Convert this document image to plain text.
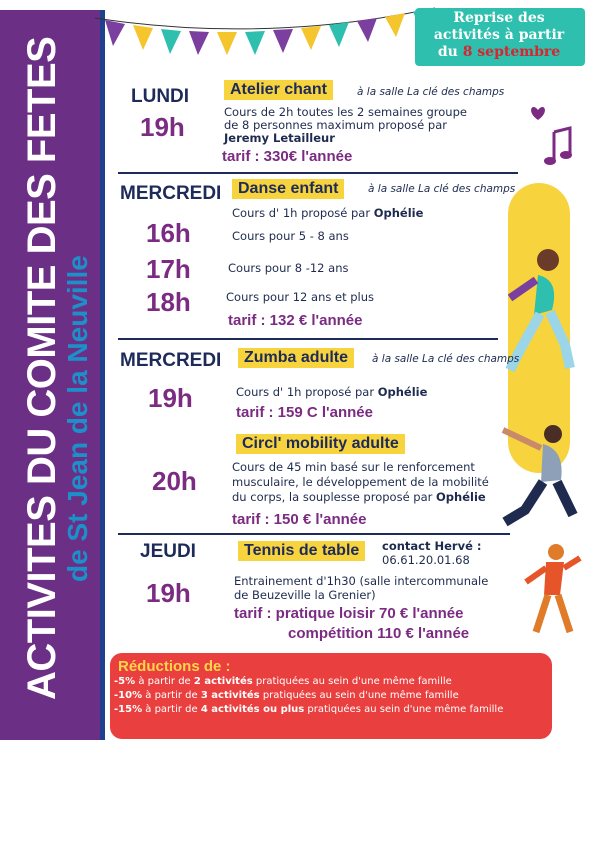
ACTIVITES DU COMITE DES FETES
de St Jean de la Neuville
Reprise des
activités à partir
du 8 septembre
LUNDI
19h
Atelier chant	à la salle La clé des champs
Cours de 2h toutes les 2 semaines groupe
de 8 personnes maximum proposé par
Jeremy Letailleur
tarif : 330€ l'année
MERCREDI	Danse enfant	à la salle La clé des champs
Cours d' 1h proposé par Ophélie
16h	Cours pour 5 - 8 ans
17h	Cours pour 8 -12 ans
18h	Cours pour 12 ans et plus
tarif : 132 € l'année
MERCREDI	Zumba adulte	à la salle La clé des champs
19h	Cours d' 1h proposé par Ophélie
tarif : 159 C l'année
Circl' mobility adulte
20h	Cours de 45 min basé sur le renforcement
musculaire, le développement de la mobilité
du corps, la souplesse proposé par Ophélie
tarif : 150 € l'année
JEUDI	Tennis de table	contact Hervé :
06.61.20.01.68
19h	Entrainement d'1h30 (salle intercommunale
de Beuzeville la Grenier)
tarif : pratique loisir 70 € l'année
compétition 110 € l'année
Réductions de :
-5% à partir de 2 activités pratiquées au sein d'une même famille
-10% à partir de 3 activités pratiquées au sein d'une même famille
-15% à partir de 4 activités ou plus pratiquées au sein d'une même famille
